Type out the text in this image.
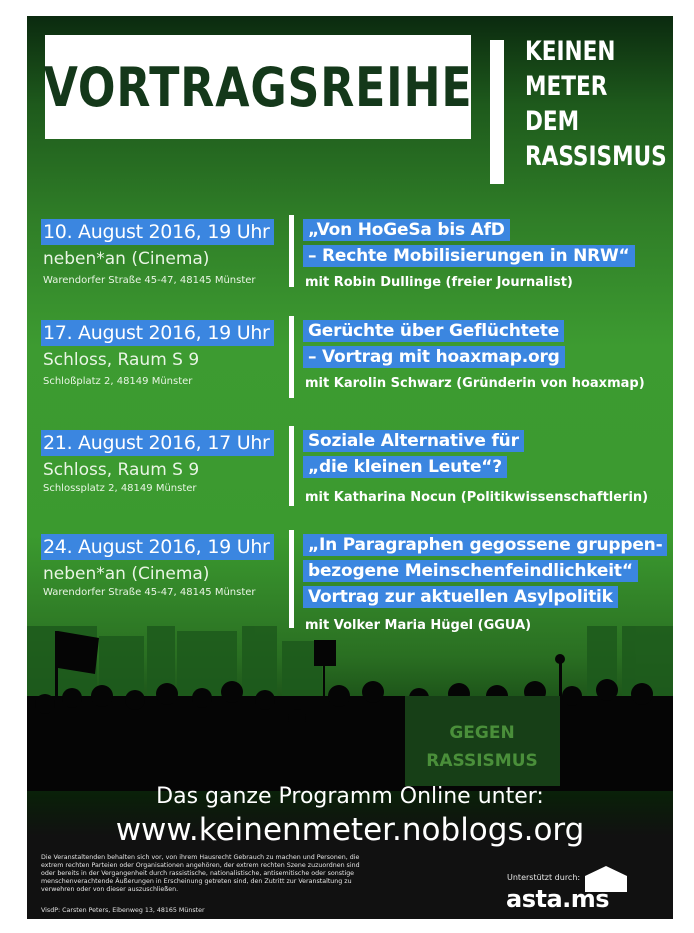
VORTRAGSREIHE
KEINEN
METER
DEM
RASSISMUS
GEGEN
RASSISMUS
10. August 2016, 19 Uhr
neben*an (Cinema)
Warendorfer Straße 45-47, 48145 Münster
„Von HoGeSa bis AfD
– Rechte Mobilisierungen in NRW“
mit Robin Dullinge (freier Journalist)
17. August 2016, 19 Uhr
Schloss, Raum S 9
Schloßplatz 2, 48149 Münster
Gerüchte über Geflüchtete
– Vortrag mit hoaxmap.org
mit Karolin Schwarz (Gründerin von hoaxmap)
21. August 2016, 17 Uhr
Schloss, Raum S 9
Schlossplatz 2, 48149 Münster
Soziale Alternative für
„die kleinen Leute“?
mit Katharina Nocun (Politikwissenschaftlerin)
24. August 2016, 19 Uhr
neben*an (Cinema)
Warendorfer Straße 45-47, 48145 Münster
„In Paragraphen gegossene gruppen-
bezogene Meinschenfeindlichkeit“
Vortrag zur aktuellen Asylpolitik
mit Volker Maria Hügel (GGUA)
Das ganze Programm Online unter:
www.keinenmeter.noblogs.org
Die Veranstaltenden behalten sich vor, von ihrem Hausrecht Gebrauch zu machen und Personen, die extrem rechten Parteien oder Organisationen angehören, der extrem rechten Szene zuzuordnen sind oder bereits in der Vergangenheit durch rassistische, nationalistische, antisemitische oder sonstige menschenverachtende Äußerungen in Erscheinung getreten sind, den Zutritt zur Veranstaltung zu verwehren oder von dieser auszuschließen.
VisdP: Carsten Peters, Eibenweg 13, 48165 Münster
Unterstützt durch:
asta.ms
